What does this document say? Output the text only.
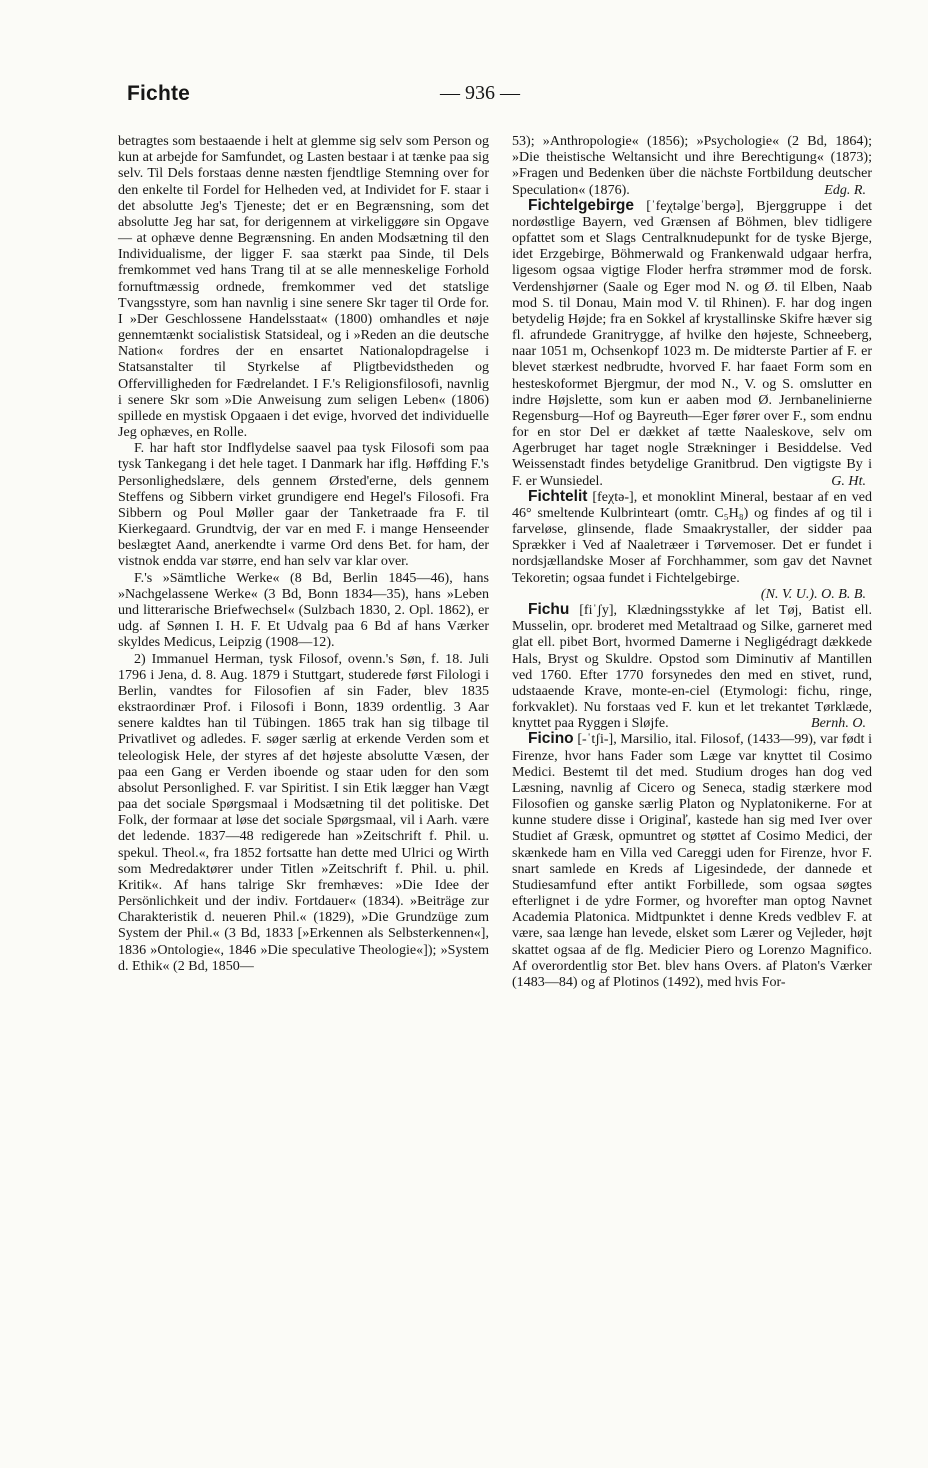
Fichte	— 936 —

betragtes som bestaaende i helt at glemme sig selv som Person og kun at arbejde for Samfundet, og Lasten bestaar i at tænke paa sig selv. Til Dels forstaas denne næsten fjendtlige Stemning over for den enkelte til Fordel for Helheden ved, at Individet for F. staar i det absolutte Jeg's Tjeneste; det er en Begrænsning, som det absolutte Jeg har sat, for derigennem at virkeliggøre sin Opgave — at ophæve denne Begrænsning. En anden Modsætning til den Individualisme, der ligger F. saa stærkt paa Sinde, til Dels fremkommet ved hans Trang til at se alle menneskelige Forhold fornuftmæssig ordnede, fremkommer ved det statslige Tvangsstyre, som han navnlig i sine senere Skr tager til Orde for. I »Der Geschlossene Handelsstaat« (1800) omhandles et nøje gennemtænkt socialistisk Statsideal, og i »Reden an die deutsche Nation« fordres der en ensartet Nationalopdragelse i Statsanstalter til Styrkelse af Pligtbevidstheden og Offervilligheden for Fædrelandet. I F.'s Religionsfilosofi, navnlig i senere Skr som »Die Anweisung zum seligen Leben« (1806) spillede en mystisk Opgaaen i det evige, hvorved det individuelle Jeg ophæves, en Rolle.

F. har haft stor Indflydelse saavel paa tysk Filosofi som paa tysk Tankegang i det hele taget. I Danmark har iflg. Høffding F.'s Personlighedslære, dels gennem Ørsted'erne, dels gennem Steffens og Sibbern virket grundigere end Hegel's Filosofi. Fra Sibbern og Poul Møller gaar der Tanketraade fra F. til Kierkegaard. Grundtvig, der var en med F. i mange Henseender beslægtet Aand, anerkendte i varme Ord dens Bet. for ham, der vistnok endda var større, end han selv var klar over.

F.'s »Sämtliche Werke« (8 Bd, Berlin 1845—46), hans »Nachgelassene Werke« (3 Bd, Bonn 1834—35), hans »Leben und litterarische Briefwechsel« (Sulzbach 1830, 2. Opl. 1862), er udg. af Sønnen I. H. F. Et Udvalg paa 6 Bd af hans Værker skyldes Medicus, Leipzig (1908—12).

2) Immanuel Herman, tysk Filosof, ovenn.'s Søn, f. 18. Juli 1796 i Jena, d. 8. Aug. 1879 i Stuttgart, studerede først Filologi i Berlin, vandtes for Filosofien af sin Fader, blev 1835 ekstraordinær Prof. i Filosofi i Bonn, 1839 ordentlig. 3 Aar senere kaldtes han til Tübingen. 1865 trak han sig tilbage til Privatlivet og adledes. F. søger særlig at erkende Verden som et teleologisk Hele, der styres af det højeste absolutte Væsen, der paa een Gang er Verden iboende og staar uden for den som absolut Personlighed. F. var Spiritist. I sin Etik lægger han Vægt paa det sociale Spørgsmaal i Modsætning til det politiske. Det Folk, der formaar at løse det sociale Spørgsmaal, vil i Aarh. være det ledende. 1837—48 redigerede han »Zeitschrift f. Phil. u. spekul. Theol.«, fra 1852 fortsatte han dette med Ulrici og Wirth som Medredaktører under Titlen »Zeitschrift f. Phil. u. phil. Kritik«. Af hans talrige Skr fremhæves: »Die Idee der Persönlichkeit und der indiv. Fortdauer« (1834). »Beiträge zur Charakteristik d. neueren Phil.« (1829), »Die Grundzüge zum System der Phil.« (3 Bd, 1833 [»Erkennen als Selbsterkennen«], 1836 »Ontologie«, 1846 »Die speculative Theologie«]); »System d. Ethik« (2 Bd, 1850—

53); »Anthropologie« (1856); »Psychologie« (2 Bd, 1864); »Die theistische Weltansicht und ihre Berechtigung« (1873); »Fragen und Bedenken über die nächste Fortbildung deutscher Speculation« (1876).	Edg. R.

Fichtelgebirge [ˈfeχtəlgeˈbergə], Bjerggruppe i det nordøstlige Bayern, ved Grænsen af Böhmen, blev tidligere opfattet som et Slags Centralknudepunkt for de tyske Bjerge, idet Erzgebirge, Böhmerwald og Frankenwald udgaar herfra, ligesom ogsaa vigtige Floder herfra strømmer mod de forsk. Verdenshjørner (Saale og Eger mod N. og Ø. til Elben, Naab mod S. til Donau, Main mod V. til Rhinen). F. har dog ingen betydelig Højde; fra en Sokkel af krystallinske Skifre hæver sig fl. afrundede Granitrygge, af hvilke den højeste, Schneeberg, naar 1051 m, Ochsenkopf 1023 m. De midterste Partier af F. er blevet stærkest nedbrudte, hvorved F. har faaet Form som en hesteskoformet Bjergmur, der mod N., V. og S. omslutter en indre Højslette, som kun er aaben mod Ø. Jernbanelinierne Regensburg—Hof og Bayreuth—Eger fører over F., som endnu for en stor Del er dækket af tætte Naaleskove, selv om Agerbruget har taget nogle Strækninger i Besiddelse. Ved Weissenstadt findes betydelige Granitbrud. Den vigtigste By i F. er Wunsiedel.	G. Ht.

Fichtelit [feχtə-], et monoklint Mineral, bestaar af en ved 46° smeltende Kulbrinteart (omtr. C₅H₈) og findes af og til i farveløse, glinsende, flade Smaakrystaller, der sidder paa Sprækker i Ved af Naaletræer i Tørvemoser. Det er fundet i nordsjællandske Moser af Forchhammer, som gav det Navnet Tekoretin; ogsaa fundet i Fichtelgebirge.

(N. V. U.). O. B. B.

Fichu [fiˈʃy], Klædningsstykke af let Tøj, Batist ell. Musselin, opr. broderet med Metaltraad og Silke, garneret med glat ell. pibet Bort, hvormed Damerne i Negligédragt dækkede Hals, Bryst og Skuldre. Opstod som Diminutiv af Mantillen ved 1760. Efter 1770 forsynedes den med en stivet, rund, udstaaende Krave, monte-en-ciel (Etymologi: fichu, ringe, forkvaklet). Nu forstaas ved F. kun et let trekantet Tørklæde, knyttet paa Ryggen i Sløjfe.	Bernh. O.

Ficino [-ˈtʃi-], Marsilio, ital. Filosof, (1433—99), var født i Firenze, hvor hans Fader som Læge var knyttet til Cosimo Medici. Bestemt til det med. Studium droges han dog ved Læsning, navnlig af Cicero og Seneca, stadig stærkere mod Filosofien og ganske særlig Platon og Nyplatonikerne. For at kunne studere disse i Originaľ, kastede han sig med Iver over Studiet af Græsk, opmuntret og støttet af Cosimo Medici, der skænkede ham en Villa ved Careggi uden for Firenze, hvor F. snart samlede en Kreds af Ligesindede, der dannede et Studiesamfund efter antikt Forbillede, som ogsaa søgtes efterlignet i de ydre Former, og hvorefter man optog Navnet Academia Platonica. Midtpunktet i denne Kreds vedblev F. at være, saa længe han levede, elsket som Lærer og Vejleder, højt skattet ogsaa af de flg. Medicier Piero og Lorenzo Magnifico. Af overordentlig stor Bet. blev hans Overs. af Platon's Værker (1483—84) og af Plotinos (1492), med hvis For-
